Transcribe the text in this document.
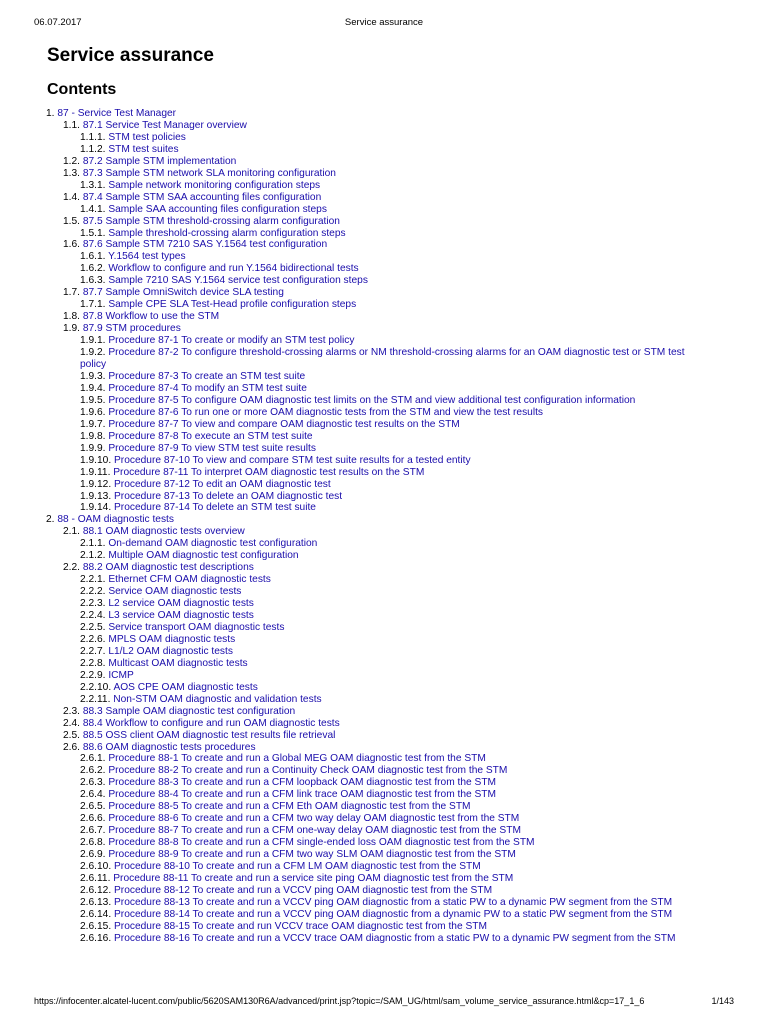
06.07.2017	Service assurance
Service assurance
Contents
1. 87 - Service Test Manager
1.1. 87.1 Service Test Manager overview
1.1.1. STM test policies
1.1.2. STM test suites
1.2. 87.2 Sample STM implementation
1.3. 87.3 Sample STM network SLA monitoring configuration
1.3.1. Sample network monitoring configuration steps
1.4. 87.4 Sample STM SAA accounting files configuration
1.4.1. Sample SAA accounting files configuration steps
1.5. 87.5 Sample STM threshold-crossing alarm configuration
1.5.1. Sample threshold-crossing alarm configuration steps
1.6. 87.6 Sample STM 7210 SAS Y.1564 test configuration
1.6.1. Y.1564 test types
1.6.2. Workflow to configure and run Y.1564 bidirectional tests
1.6.3. Sample 7210 SAS Y.1564 service test configuration steps
1.7. 87.7 Sample OmniSwitch device SLA testing
1.7.1. Sample CPE SLA Test-Head profile configuration steps
1.8. 87.8 Workflow to use the STM
1.9. 87.9 STM procedures
1.9.1. Procedure 87-1 To create or modify an STM test policy
1.9.2. Procedure 87-2 To configure threshold-crossing alarms or NM threshold-crossing alarms for an OAM diagnostic test or STM test policy
1.9.3. Procedure 87-3 To create an STM test suite
1.9.4. Procedure 87-4 To modify an STM test suite
1.9.5. Procedure 87-5 To configure OAM diagnostic test limits on the STM and view additional test configuration information
1.9.6. Procedure 87-6 To run one or more OAM diagnostic tests from the STM and view the test results
1.9.7. Procedure 87-7 To view and compare OAM diagnostic test results on the STM
1.9.8. Procedure 87-8 To execute an STM test suite
1.9.9. Procedure 87-9 To view STM test suite results
1.9.10. Procedure 87-10 To view and compare STM test suite results for a tested entity
1.9.11. Procedure 87-11 To interpret OAM diagnostic test results on the STM
1.9.12. Procedure 87-12 To edit an OAM diagnostic test
1.9.13. Procedure 87-13 To delete an OAM diagnostic test
1.9.14. Procedure 87-14 To delete an STM test suite
2. 88 - OAM diagnostic tests
2.1. 88.1 OAM diagnostic tests overview
2.1.1. On-demand OAM diagnostic test configuration
2.1.2. Multiple OAM diagnostic test configuration
2.2. 88.2 OAM diagnostic test descriptions
2.2.1. Ethernet CFM OAM diagnostic tests
2.2.2. Service OAM diagnostic tests
2.2.3. L2 service OAM diagnostic tests
2.2.4. L3 service OAM diagnostic tests
2.2.5. Service transport OAM diagnostic tests
2.2.6. MPLS OAM diagnostic tests
2.2.7. L1/L2 OAM diagnostic tests
2.2.8. Multicast OAM diagnostic tests
2.2.9. ICMP
2.2.10. AOS CPE OAM diagnostic tests
2.2.11. Non-STM OAM diagnostic and validation tests
2.3. 88.3 Sample OAM diagnostic test configuration
2.4. 88.4 Workflow to configure and run OAM diagnostic tests
2.5. 88.5 OSS client OAM diagnostic test results file retrieval
2.6. 88.6 OAM diagnostic tests procedures
2.6.1. Procedure 88-1 To create and run a Global MEG OAM diagnostic test from the STM
2.6.2. Procedure 88-2 To create and run a Continuity Check OAM diagnostic test from the STM
2.6.3. Procedure 88-3 To create and run a CFM loopback OAM diagnostic test from the STM
2.6.4. Procedure 88-4 To create and run a CFM link trace OAM diagnostic test from the STM
2.6.5. Procedure 88-5 To create and run a CFM Eth OAM diagnostic test from the STM
2.6.6. Procedure 88-6 To create and run a CFM two way delay OAM diagnostic test from the STM
2.6.7. Procedure 88-7 To create and run a CFM one-way delay OAM diagnostic test from the STM
2.6.8. Procedure 88-8 To create and run a CFM single-ended loss OAM diagnostic test from the STM
2.6.9. Procedure 88-9 To create and run a CFM two way SLM OAM diagnostic test from the STM
2.6.10. Procedure 88-10 To create and run a CFM LM OAM diagnostic test from the STM
2.6.11. Procedure 88-11 To create and run a service site ping OAM diagnostic test from the STM
2.6.12. Procedure 88-12 To create and run a VCCV ping OAM diagnostic test from the STM
2.6.13. Procedure 88-13 To create and run a VCCV ping OAM diagnostic from a static PW to a dynamic PW segment from the STM
2.6.14. Procedure 88-14 To create and run a VCCV ping OAM diagnostic from a dynamic PW to a static PW segment from the STM
2.6.15. Procedure 88-15 To create and run VCCV trace OAM diagnostic test from the STM
2.6.16. Procedure 88-16 To create and run a VCCV trace OAM diagnostic from a static PW to a dynamic PW segment from the STM
https://infocenter.alcatel-lucent.com/public/5620SAM130R6A/advanced/print.jsp?topic=/SAM_UG/html/sam_volume_service_assurance.html&cp=17_1_6	1/143
